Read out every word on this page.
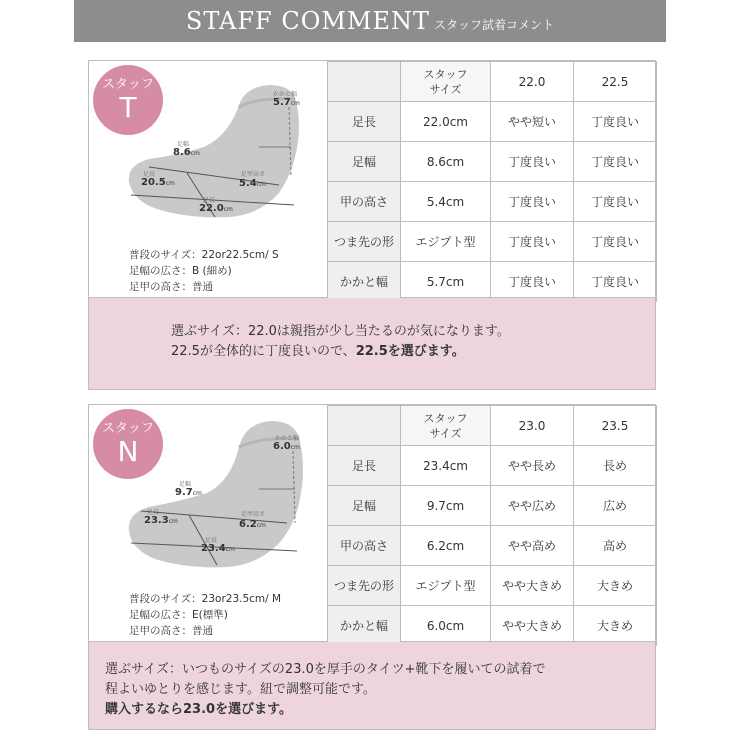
STAFF COMMENT スタッフ試着コメント
かかと幅
5.7cm
足幅
8.6cm
足長
20.5cm
足甲高さ
5.4cm
足長
22.0cm
スタッフ
T
普段のサイズ：22or22.5cm/ S
足幅の広さ：B (細め)
足甲の高さ：普通

	スタッフ
サイズ	22.0	22.5
足長	22.0cm	やや短い	丁度良い
足幅	8.6cm	丁度良い	丁度良い
甲の高さ	5.4cm	丁度良い	丁度良い
つま先の形	エジプト型	丁度良い	丁度良い
かかと幅	5.7cm	丁度良い	丁度良い
選ぶサイズ：22.0は親指が少し当たるのが気になります。
22.5が全体的に丁度良いので、22.5を選びます。
かかと幅
6.0cm
足幅
9.7cm
足長
23.3cm
足甲高さ
6.2cm
足長
23.4cm
スタッフ
N
普段のサイズ：23or23.5cm/ M
足幅の広さ：E(標準)
足甲の高さ：普通

	スタッフ
サイズ	23.0	23.5
足長	23.4cm	やや長め	長め
足幅	9.7cm	やや広め	広め
甲の高さ	6.2cm	やや高め	高め
つま先の形	エジプト型	やや大きめ	大きめ
かかと幅	6.0cm	やや大きめ	大きめ
選ぶサイズ：いつものサイズの23.0を厚手のタイツ+靴下を履いての試着で
程よいゆとりを感じます。紐で調整可能です。
購入するなら23.0を選びます。
